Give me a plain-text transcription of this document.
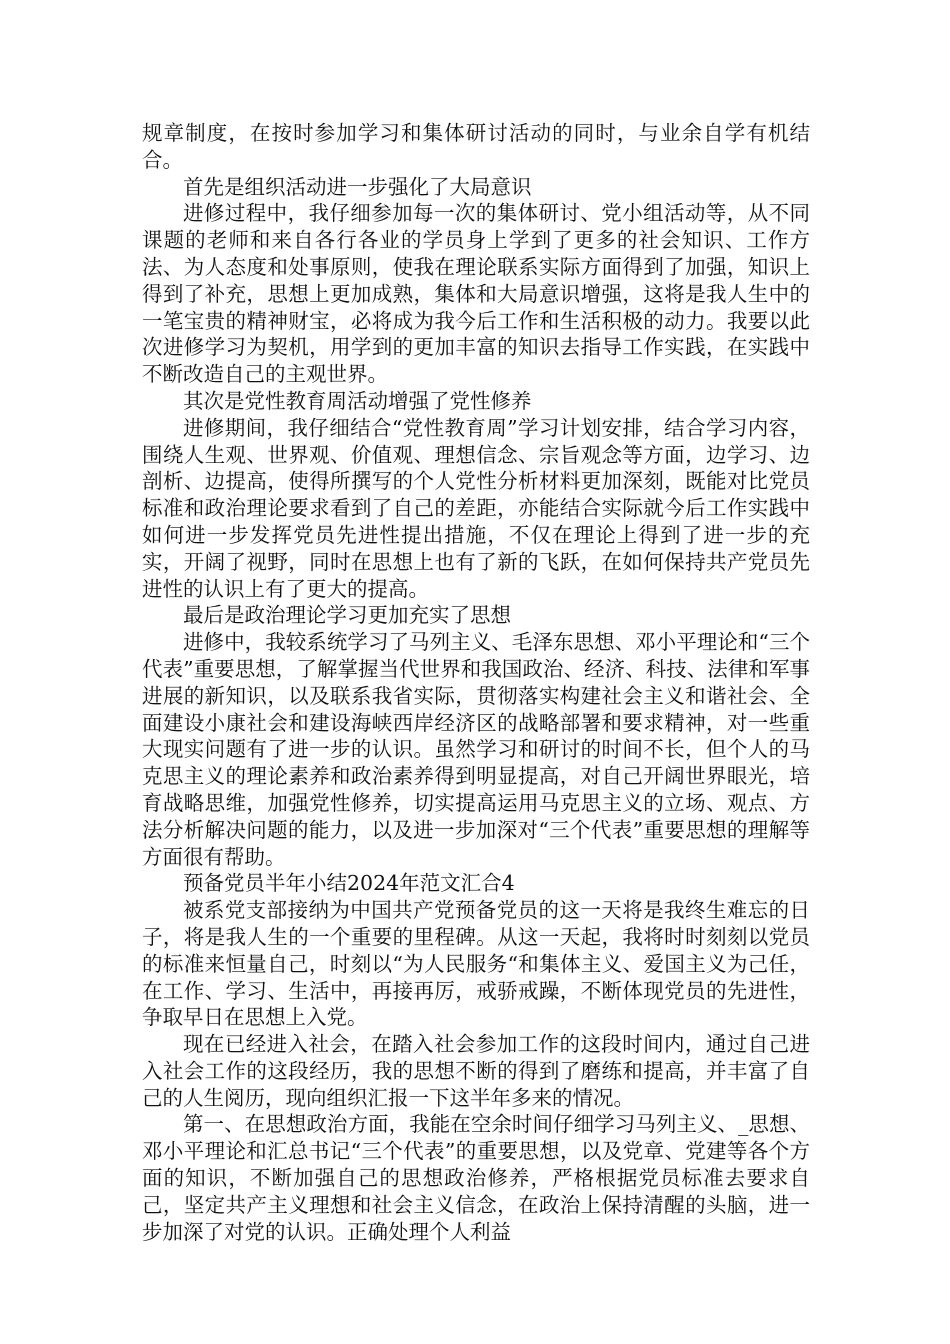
规章制度，在按时参加学习和集体研讨活动的同时，与业余自学有机结合。

首先是组织活动进一步强化了大局意识

进修过程中，我仔细参加每一次的集体研讨、党小组活动等，从不同课题的老师和来自各行各业的学员身上学到了更多的社会知识、工作方法、为人态度和处事原则，使我在理论联系实际方面得到了加强，知识上得到了补充，思想上更加成熟，集体和大局意识增强，这将是我人生中的一笔宝贵的精神财宝，必将成为我今后工作和生活积极的动力。我要以此次进修学习为契机，用学到的更加丰富的知识去指导工作实践，在实践中不断改造自己的主观世界。

其次是党性教育周活动增强了党性修养

进修期间，我仔细结合“党性教育周”学习计划安排，结合学习内容，围绕人生观、世界观、价值观、理想信念、宗旨观念等方面，边学习、边剖析、边提高，使得所撰写的个人党性分析材料更加深刻，既能对比党员标准和政治理论要求看到了自己的差距，亦能结合实际就今后工作实践中如何进一步发挥党员先进性提出措施，不仅在理论上得到了进一步的充实，开阔了视野，同时在思想上也有了新的飞跃，在如何保持共产党员先进性的认识上有了更大的提高。

最后是政治理论学习更加充实了思想

进修中，我较系统学习了马列主义、毛泽东思想、邓小平理论和“三个代表”重要思想，了解掌握当代世界和我国政治、经济、科技、法律和军事进展的新知识，以及联系我省实际，贯彻落实构建社会主义和谐社会、全面建设小康社会和建设海峡西岸经济区的战略部署和要求精神，对一些重大现实问题有了进一步的认识。虽然学习和研讨的时间不长，但个人的马克思主义的理论素养和政治素养得到明显提高，对自己开阔世界眼光，培育战略思维，加强党性修养，切实提高运用马克思主义的立场、观点、方法分析解决问题的能力，以及进一步加深对“三个代表”重要思想的理解等方面很有帮助。

预备党员半年小结2024年范文汇合4

被系党支部接纳为中国共产党预备党员的这一天将是我终生难忘的日子，将是我人生的一个重要的里程碑。从这一天起，我将时时刻刻以党员的标准来恒量自己，时刻以“为人民服务“和集体主义、爱国主义为己任，在工作、学习、生活中，再接再厉，戒骄戒躁，不断体现党员的先进性，争取早日在思想上入党。

现在已经进入社会，在踏入社会参加工作的这段时间内，通过自己进入社会工作的这段经历，我的思想不断的得到了磨练和提高，并丰富了自己的人生阅历，现向组织汇报一下这半年多来的情况。

第一、在思想政治方面，我能在空余时间仔细学习马列主义、_思想、邓小平理论和汇总书记“三个代表”的重要思想，以及党章、党建等各个方面的知识，不断加强自己的思想政治修养，严格根据党员标准去要求自己，坚定共产主义理想和社会主义信念，在政治上保持清醒的头脑，进一步加深了对党的认识。正确处理个人利益
